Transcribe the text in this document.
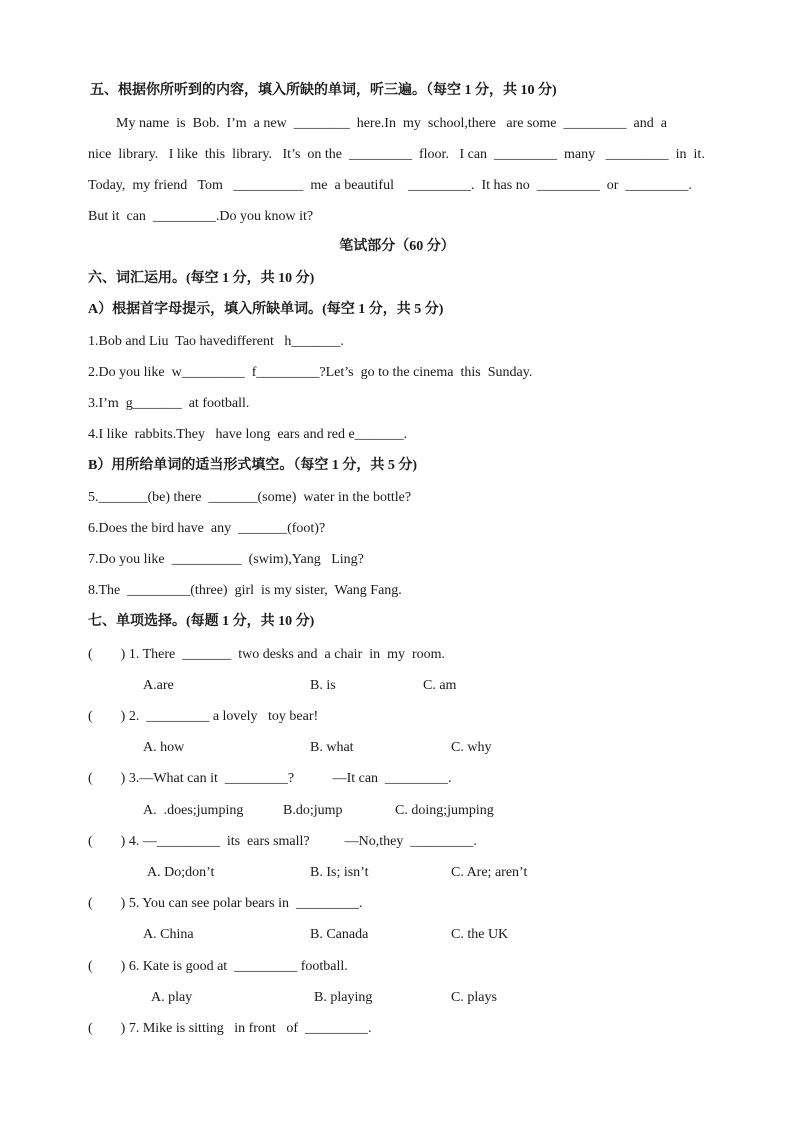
五、根据你所听到的内容，填入所缺的单词，听三遍。（每空 1 分，共 10 分)
My name  is  Bob.  I’m  a new  ________  here.In  my  school,there   are some  _________  and  a
nice  library.   I like  this  library.   It’s  on the  _________  floor.   I can  _________  many   _________  in  it.
Today,  my friend   Tom   __________  me  a beautiful    _________.  It has no  _________  or  _________.
But it  can  _________.Do you know it?
笔试部分（60 分）
六、词汇运用。(每空 1 分，共 10 分)
A）根据首字母提示，填入所缺单词。(每空 1 分，共 5 分)
1.Bob and Liu  Tao havedifferent   h_______.
2.Do you like  w_________  f_________?Let’s  go to the cinema  this  Sunday.
3.I’m  g_______  at football.
4.I like  rabbits.They   have long  ears and red e_______.
B）用所给单词的适当形式填空。（每空 1 分，共 5 分)
5._______(be) there  _______(some)  water in the bottle?
6.Does the bird have  any  _______(foot)?
7.Do you like  __________  (swim),Yang   Ling?
8.The  _________(three)  girl  is my sister,  Wang Fang.
七、单项选择。(每题 1 分，共 10 分)
(        ) 1. There  _______  two desks and  a chair  in  my  room.
A.are	B. is	C. am
(        ) 2.  _________ a lovely   toy bear!
A. how	B. what	C. why
(        ) 3.—What can it  _________?           —It can  _________.
A.  .does;jumping	B.do;jump	C. doing;jumping
(        ) 4. —_________  its  ears small?          —No,they  _________.
A. Do;don’t	B. Is; isn’t	C. Are; aren’t
(        ) 5. You can see polar bears in  _________.
A. China	B. Canada	C. the UK
(        ) 6. Kate is good at  _________ football.
A. play	B. playing	C. plays
(        ) 7. Mike is sitting   in front   of  _________.
